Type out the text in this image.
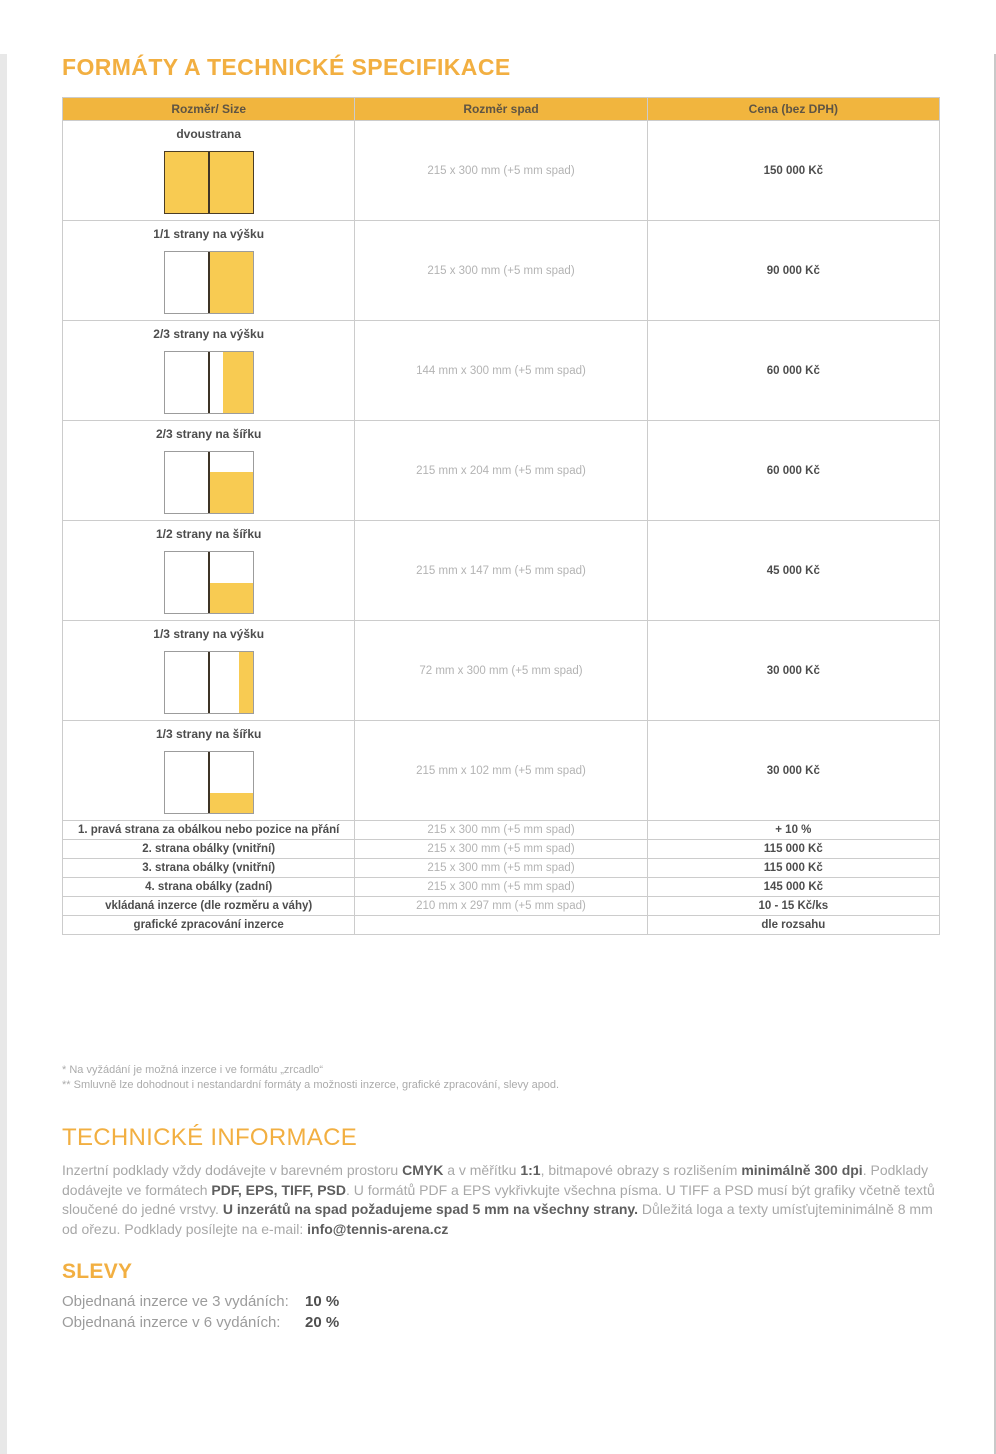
FORMÁTY A TECHNICKÉ SPECIFIKACE
Rozměr/ Size	Rozměr spad	Cena (bez DPH)

dvoustrana	215 x 300 mm (+5 mm spad)	150 000 Kč

1/1 strany na výšku	215 x 300 mm (+5 mm spad)	90 000 Kč

2/3 strany na výšku	144 mm x 300 mm (+5 mm spad)	60 000 Kč

2/3 strany na šířku	215 mm x 204 mm (+5 mm spad)	60 000 Kč

1/2 strany na šířku	215 mm x 147 mm (+5 mm spad)	45 000 Kč

1/3 strany na výšku	72 mm x 300 mm (+5 mm spad)	30 000 Kč

1/3 strany na šířku	215 mm x 102 mm (+5 mm spad)	30 000 Kč
1. pravá strana za obálkou nebo pozice na přání	215 x 300 mm (+5 mm spad)	+ 10 %
2. strana obálky (vnitřní)	215 x 300 mm (+5 mm spad)	115 000 Kč
3. strana obálky (vnitřní)	215 x 300 mm (+5 mm spad)	115 000 Kč
4. strana obálky (zadní)	215 x 300 mm (+5 mm spad)	145 000 Kč
vkládaná inzerce (dle rozměru a váhy)	210 mm x 297 mm (+5 mm spad)	10 - 15 Kč/ks
grafické zpracování inzerce		dle rozsahu
* Na vyžádání je možná inzerce i ve formátu „zrcadlo“
** Smluvně lze dohodnout i nestandardní formáty a možnosti inzerce, grafické zpracování, slevy apod.
TECHNICKÉ INFORMACE

Inzertní podklady vždy dodávejte v barevném prostoru CMYK a v měřítku 1:1, bitmapové obrazy s rozlišením minimálně 300 dpi. Podklady dodávejte ve formátech PDF, EPS, TIFF, PSD. U formátů PDF a EPS vykřivkujte všechna písma. U TIFF a PSD musí být grafiky včetně textů sloučené do jedné vrstvy. U inzerátů na spad požadujeme spad 5 mm na všechny strany. Důležitá loga a texty umísťujteminimálně 8 mm od ořezu. Podklady posílejte na e-mail: info@tennis-arena.cz

SLEVY
Objednaná inzerce ve 3 vydáních:	10 %
Objednaná inzerce v 6 vydáních:	20 %
